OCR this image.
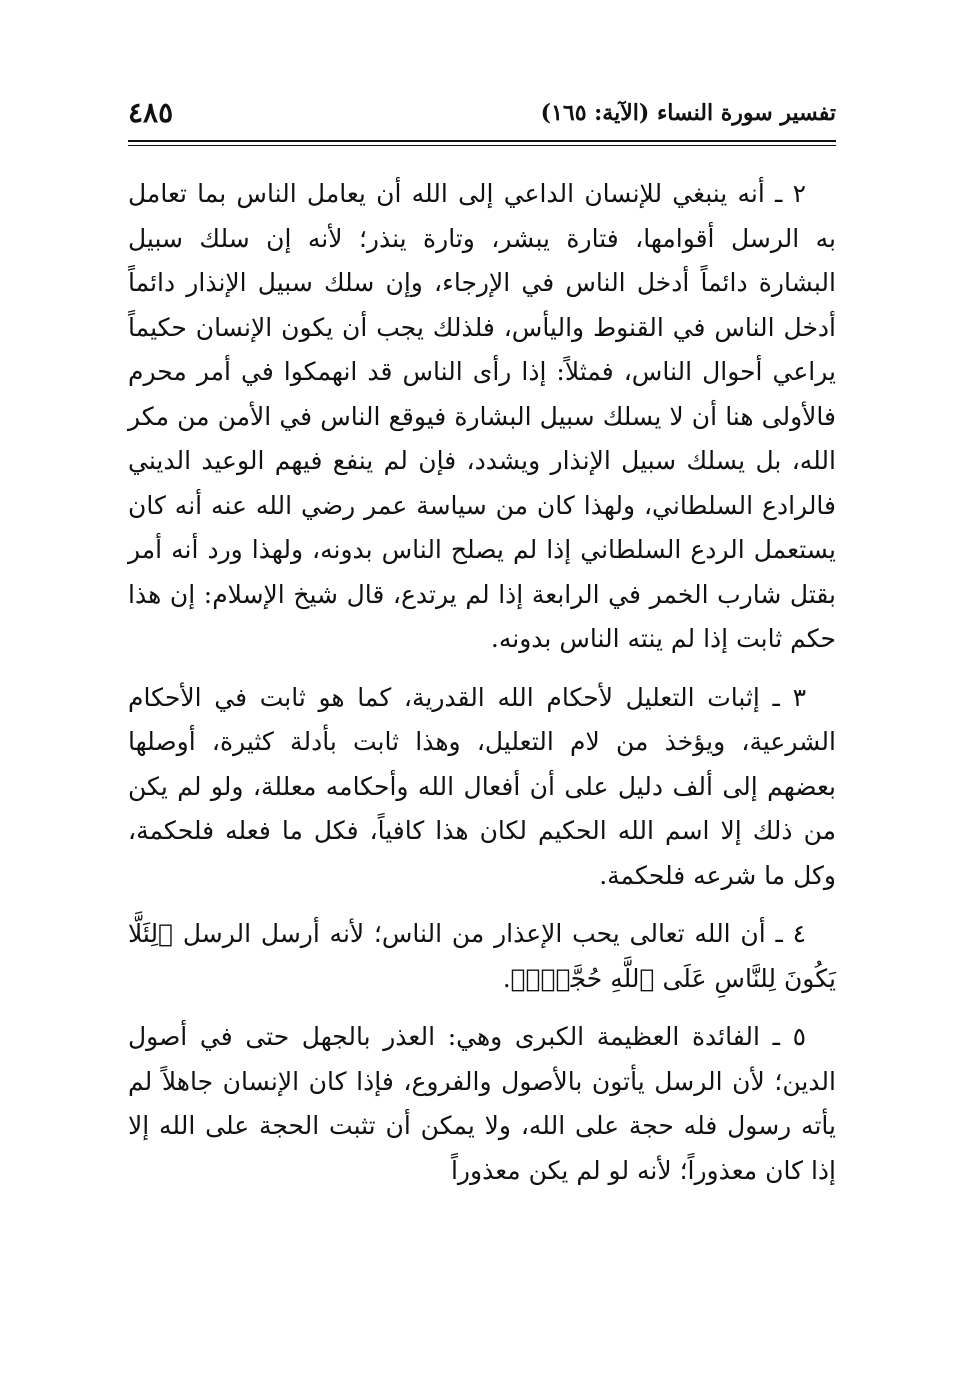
تفسير سورة النساء (الآية: ١٦٥)
٤٨٥

٢ ـ أنه ينبغي للإنسان الداعي إلى الله أن يعامل الناس بما تعامل به الرسل أقوامها، فتارة يبشر، وتارة ينذر؛ لأنه إن سلك سبيل البشارة دائماً أدخل الناس في الإرجاء، وإن سلك سبيل الإنذار دائماً أدخل الناس في القنوط واليأس، فلذلك يجب أن يكون الإنسان حكيماً يراعي أحوال الناس، فمثلاً: إذا رأى الناس قد انهمكوا في أمر محرم فالأولى هنا أن لا يسلك سبيل البشارة فيوقع الناس في الأمن من مكر الله، بل يسلك سبيل الإنذار ويشدد، فإن لم ينفع فيهم الوعيد الديني فالرادع السلطاني، ولهذا كان من سياسة عمر رضي الله عنه أنه كان يستعمل الردع السلطاني إذا لم يصلح الناس بدونه، ولهذا ورد أنه أمر بقتل شارب الخمر في الرابعة إذا لم يرتدع، قال شيخ الإسلام: إن هذا حكم ثابت إذا لم ينته الناس بدونه.

٣ ـ إثبات التعليل لأحكام الله القدرية، كما هو ثابت في الأحكام الشرعية، ويؤخذ من لام التعليل، وهذا ثابت بأدلة كثيرة، أوصلها بعضهم إلى ألف دليل على أن أفعال الله وأحكامه معللة، ولو لم يكن من ذلك إلا اسم الله الحكيم لكان هذا كافياً، فكل ما فعله فلحكمة، وكل ما شرعه فلحكمة.

٤ ـ أن الله تعالى يحب الإعذار من الناس؛ لأنه أرسل الرسل ﴿لِئَلَّا يَكُونَ لِلنَّاسِ عَلَى ٱللَّهِ حُجَّةٌۢ﴾.

٥ ـ الفائدة العظيمة الكبرى وهي: العذر بالجهل حتى في أصول الدين؛ لأن الرسل يأتون بالأصول والفروع، فإذا كان الإنسان جاهلاً لم يأته رسول فله حجة على الله، ولا يمكن أن تثبت الحجة على الله إلا إذا كان معذوراً؛ لأنه لو لم يكن معذوراً
